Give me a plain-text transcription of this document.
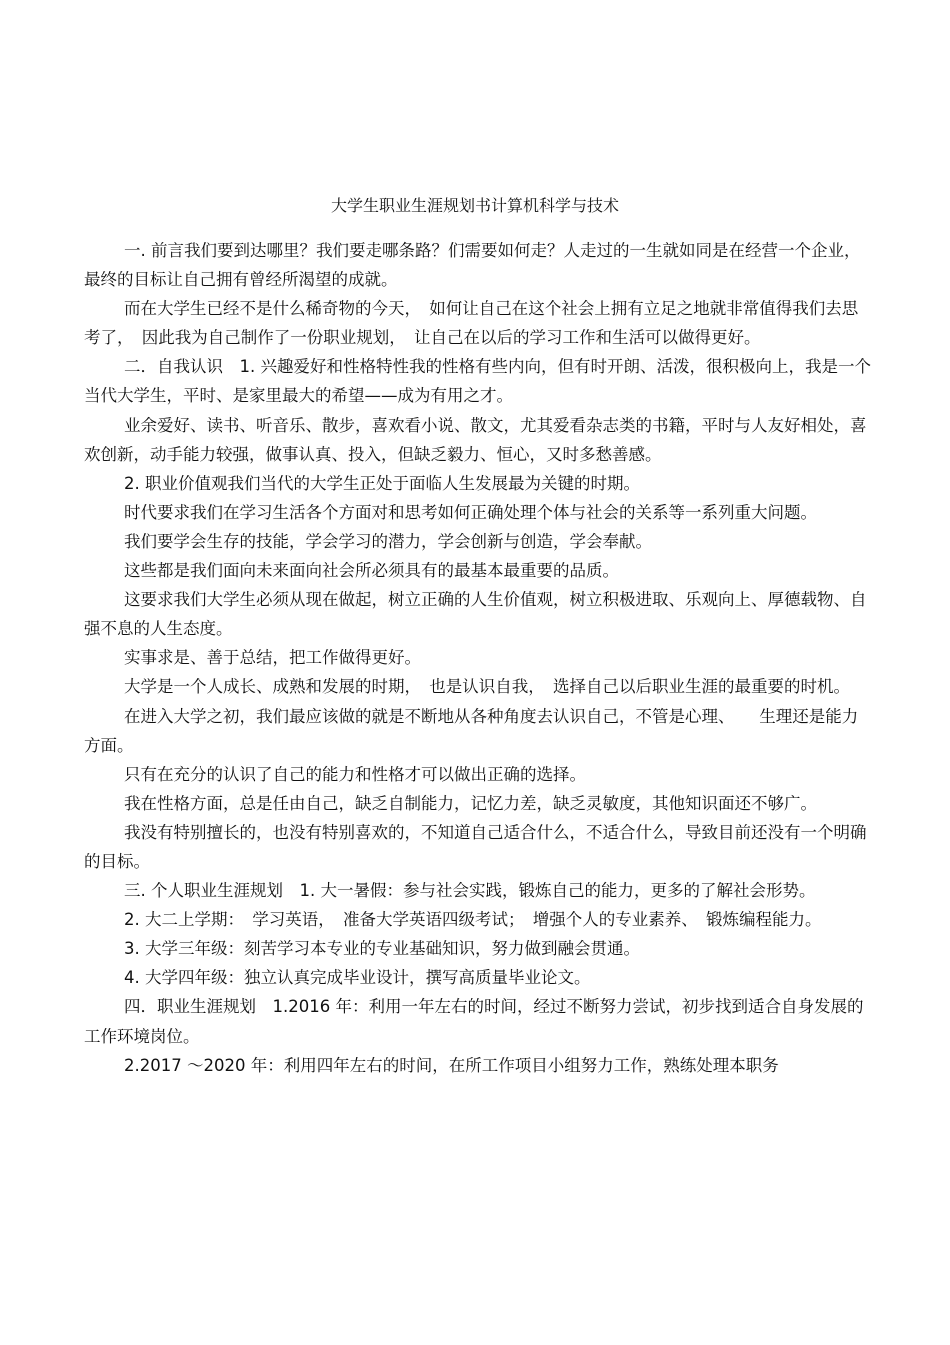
大学生职业生涯规划书计算机科学与技术

一. 前言我们要到达哪里？我们要走哪条路？们需要如何走？人走过的一生就如同是在经营一个企业，最终的目标让自己拥有曾经所渴望的成就。

而在大学生已经不是什么稀奇物的今天，　如何让自己在这个社会上拥有立足之地就非常值得我们去思考了，　因此我为自己制作了一份职业规划，　让自己在以后的学习工作和生活可以做得更好。

二．自我认识　1. 兴趣爱好和性格特性我的性格有些内向，但有时开朗、活泼，很积极向上，我是一个当代大学生，平时、是家里最大的希望——成为有用之才。

业余爱好、读书、听音乐、散步，喜欢看小说、散文，尤其爱看杂志类的书籍，平时与人友好相处，喜欢创新，动手能力较强，做事认真、投入，但缺乏毅力、恒心，又时多愁善感。

2. 职业价值观我们当代的大学生正处于面临人生发展最为关键的时期。

时代要求我们在学习生活各个方面对和思考如何正确处理个体与社会的关系等一系列重大问题。

我们要学会生存的技能，学会学习的潜力，学会创新与创造，学会奉献。

这些都是我们面向未来面向社会所必须具有的最基本最重要的品质。

这要求我们大学生必须从现在做起，树立正确的人生价值观，树立积极进取、乐观向上、厚德载物、自强不息的人生态度。

实事求是、善于总结，把工作做得更好。

大学是一个人成长、成熟和发展的时期，　也是认识自我，　选择自己以后职业生涯的最重要的时机。

在进入大学之初，我们最应该做的就是不断地从各种角度去认识自己，不管是心理、　　生理还是能力方面。

只有在充分的认识了自己的能力和性格才可以做出正确的选择。

我在性格方面，总是任由自己，缺乏自制能力，记忆力差，缺乏灵敏度，其他知识面还不够广。

我没有特别擅长的，也没有特别喜欢的，不知道自己适合什么，不适合什么，导致目前还没有一个明确的目标。

三. 个人职业生涯规划　1. 大一暑假：参与社会实践，锻炼自己的能力，更多的了解社会形势。

2. 大二上学期：　学习英语，　准备大学英语四级考试；　增强个人的专业素养、　锻炼编程能力。

3. 大学三年级：刻苦学习本专业的专业基础知识，努力做到融会贯通。

4. 大学四年级：独立认真完成毕业设计，撰写高质量毕业论文。

四．职业生涯规划　1.2016 年：利用一年左右的时间，经过不断努力尝试，初步找到适合自身发展的工作环境岗位。

2.2017 ～2020 年：利用四年左右的时间，在所工作项目小组努力工作，熟练处理本职务
